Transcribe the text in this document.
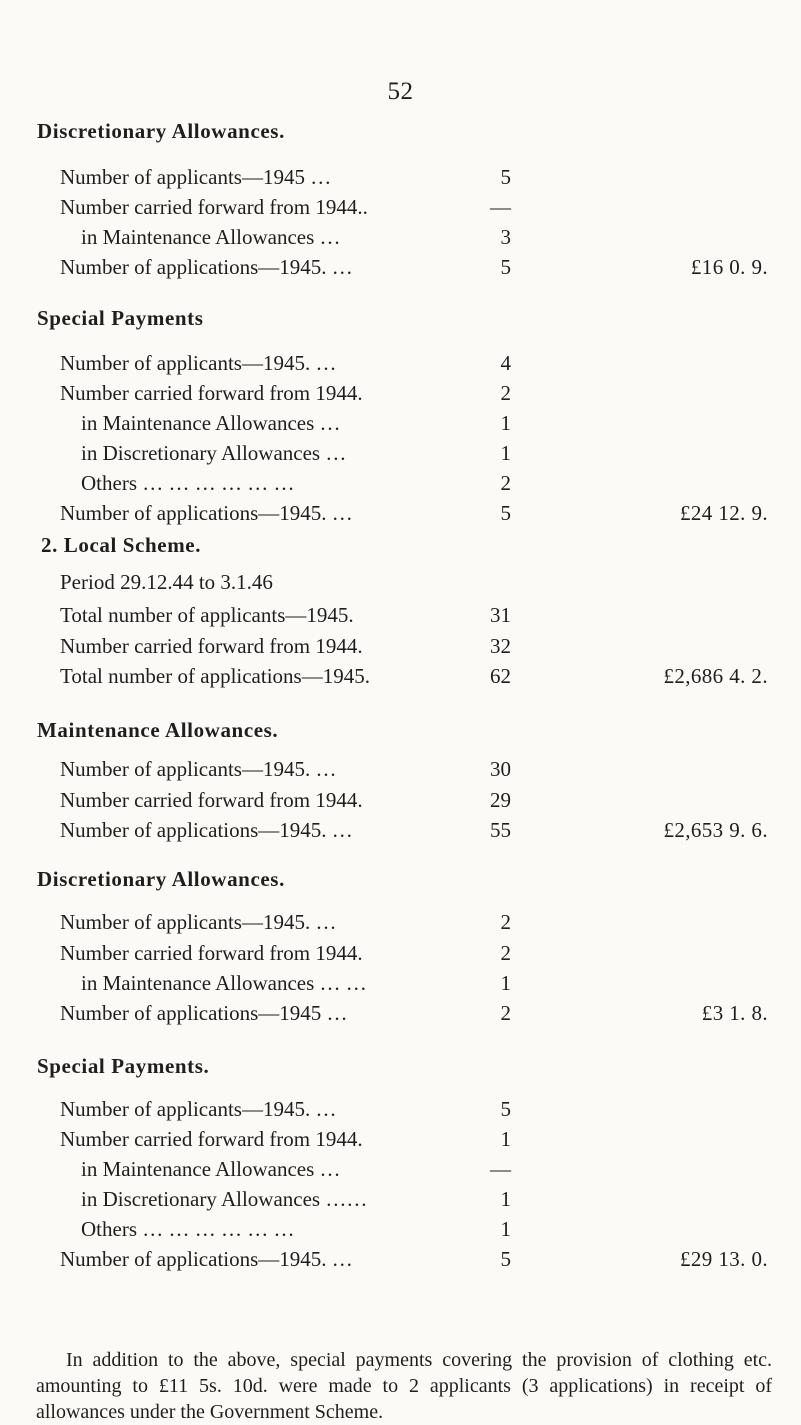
52
Discretionary Allowances.
Number of applicants—1945 …	5
Number carried forward from 1944..	—
in Maintenance Allowances …	3
Number of applications—1945. …	5	£16 0. 9.
Special Payments
Number of applicants—1945. …	4
Number carried forward from 1944.	2
in Maintenance Allowances …	1
in Discretionary Allowances …	1
Others … … … … … …	2
Number of applications—1945. …	5	£24 12. 9.
2. Local Scheme.
Period 29.12.44 to 3.1.46
Total number of applicants—1945.	31
Number carried forward from 1944.	32
Total number of applications—1945.	62	£2,686 4. 2.
Maintenance Allowances.
Number of applicants—1945. …	30
Number carried forward from 1944.	29
Number of applications—1945. …	55	£2,653 9. 6.
Discretionary Allowances.
Number of applicants—1945. …	2
Number carried forward from 1944.	2
in Maintenance Allowances … …	1
Number of applications—1945 …	2	£3 1. 8.
Special Payments.
Number of applicants—1945. …	5
Number carried forward from 1944.	1
in Maintenance Allowances …	—
in Discretionary Allowances ……	1
Others … … … … … …	1
Number of applications—1945. …	5	£29 13. 0.

In addition to the above, special payments covering the provision of clothing etc. amounting to £11 5s. 10d. were made to 2 applicants (3 applications) in receipt of allowances under the Government Scheme.
